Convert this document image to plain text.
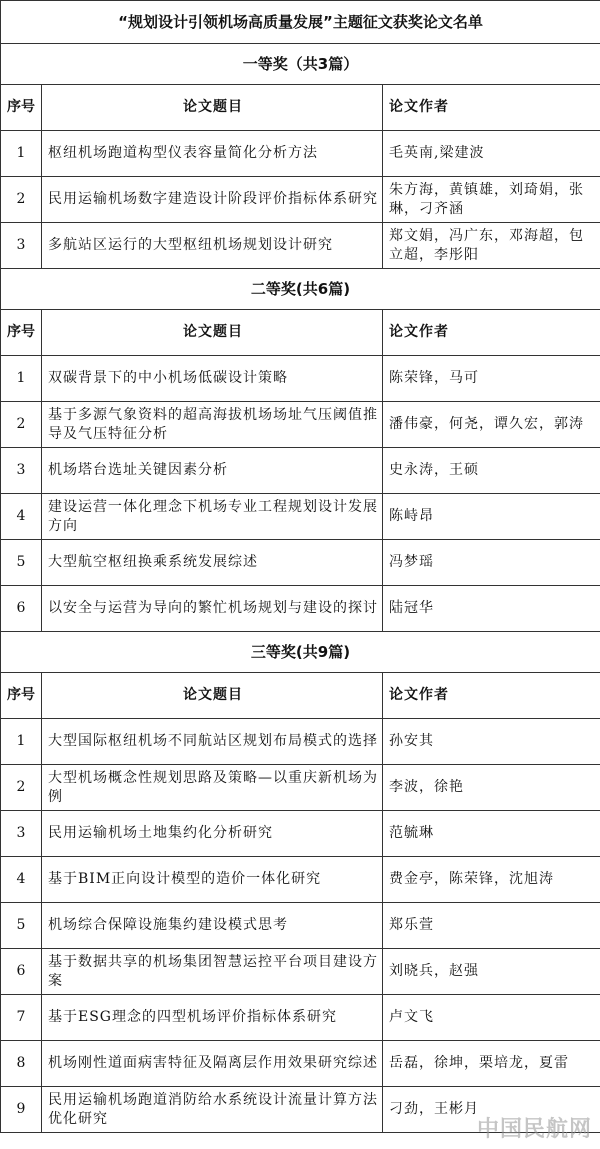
“规划设计引领机场高质量发展”主题征文获奖论文名单		
一等奖（共3篇）		
序号	论文题目	论文作者
1	枢纽机场跑道构型仪表容量简化分析方法	毛英南,梁建波
2	民用运输机场数字建造设计阶段评价指标体系研究	朱方海，黄镇雄，刘琦娟，张琳，刁齐涵
3	多航站区运行的大型枢纽机场规划设计研究	郑文娟，冯广东，邓海超，包立超，李彤阳
二等奖(共6篇)		
序号	论文题目	论文作者
1	双碳背景下的中小机场低碳设计策略	陈荣锋，马可
2	基于多源气象资料的超高海拔机场场址气压阈值推导及气压特征分析	潘伟豪，何尧，谭久宏，郭涛
3	机场塔台选址关键因素分析	史永涛，王硕
4	建设运营一体化理念下机场专业工程规划设计发展方向	陈峙昂
5	大型航空枢纽换乘系统发展综述	冯梦瑶
6	以安全与运营为导向的繁忙机场规划与建设的探讨	陆冠华
三等奖(共9篇)		
序号	论文题目	论文作者
1	大型国际枢纽机场不同航站区规划布局模式的选择	孙安其
2	大型机场概念性规划思路及策略—以重庆新机场为例	李波，徐艳
3	民用运输机场土地集约化分析研究	范毓琳
4	基于BIM正向设计模型的造价一体化研究	费金亭，陈荣锋，沈旭涛
5	机场综合保障设施集约建设模式思考	郑乐萱
6	基于数据共享的机场集团智慧运控平台项目建设方案	刘晓兵，赵强
7	基于ESG理念的四型机场评价指标体系研究	卢文飞
8	机场刚性道面病害特征及隔离层作用效果研究综述	岳磊，徐坤，栗培龙，夏雷
9	民用运输机场跑道消防给水系统设计流量计算方法优化研究	刁劲，王彬月
中国民航网
